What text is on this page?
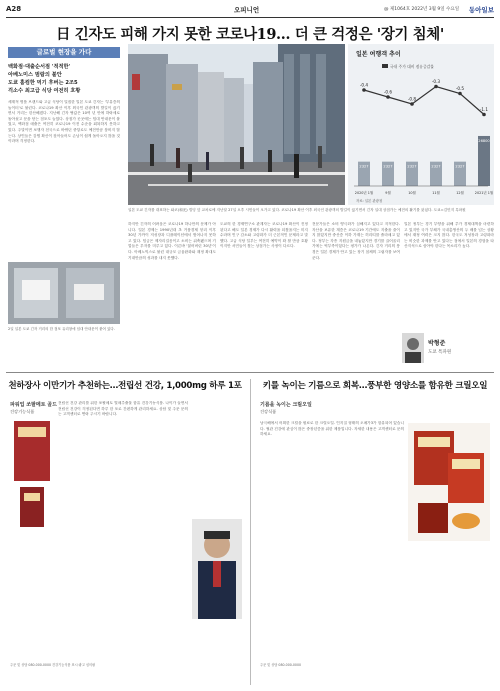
A28	오피니언	@ 제1064호 2022년 3월 9일 수요일 동아일보
日 긴자도 피해 가지 못한 코로나19… 더 큰 걱정은 '장기 침체'
글로벌 현장을 가다
백화점·대출순서점 '적적한'
아베노미스 범람의 불안
도쿄 홈컴한 먹기 후버는 2조5
걱소수 최고급 식당 여전히 호황
세계적 명품 브랜드와 고급 식당이 밀집한 일본 도쿄 긴자는 '부유층의 놀이터'로 불린다. 코로나19 확산 이후 외국인 관광객의 발길이 끊기면서 거리는 한산해졌다. 지난해 긴자 땅값은 10여 년 만에 하락세로 돌아섰고 문을 닫는 점포도 늘었다. 상점가 곳곳에는 임대 안내문이 붙었고, 백화점 매출은 여전히 코로나19 이전 수준을 회복하지 못하고 있다. 주말이면 보행자 천국으로 바뀌던 중앙로도 예전만큼 붐비지 않는다. 상인들은 감염 확산이 잦아들어도 손님이 쉽게 돌아오지 않을 것이라며 걱정한다.
일본 여행객 추이
국내 주가 대비 점유증감률
-0.4
-0.6
-0.8
-0.3
-0.5
-1.1
2327
2020년 1월
2327
9월
2327
10월
2327
11월
2327
12월
26800
2021년 1월
자료: 일본 관광청
일본 도쿄 긴자를 대표하는 와코(和光) 빌딩 앞 교차로에 지난달 27일 오후 시민들이 오가고 있다. 코로나19 확산 이후 외국인 관광객의 발길이 끊기면서 긴자 일대 상점가는 예전의 활기를 잃었다. 도쿄=김민지 특파원
하지만 긴자의 어려움은 코로나19 하나만의 문제가 아니다. 일본 경제는 1990년대 초 거품경제 붕괴 이후 30년 가까이 저성장과 디플레이션에서 벗어나지 못하고 있다. 임금은 제자리걸음이고 소비는 위축됐으며 기업들은 투자를 미루고 있다. 이른바 '잃어버린 30년'이다. 아베노믹스로 불린 대규모 금융완화와 재정 확대도 기대만큼의 성과를 내지 못했다.
도쿄의 한 경제연구소 관계자는 코로나19 확산이 진정된다고 해도 일본 경제가 다시 활력을 되찾을지는 미지수라며 인구 감소와 고령화가 더 근본적인 문제라고 말했다. 고급 식당 일부는 여전히 예약이 꽉 찰 만큼 호황이지만 서민들이 찾는 상점가는 사정이 다르다.
전문가들은 소비 양극화가 심해지고 있다고 지적한다. 자산을 보유한 계층은 코로나19 기간에도 지출을 줄이지 않았지만 중산층 이하 가계는 허리띠를 졸라매고 있다. 정부는 각종 지원금을 내놓았지만 경기를 끌어올리기에는 역부족이었다는 평가가 나온다. 긴자 거리의 풍경은 일본 경제가 안고 있는 장기 침체의 그림자를 보여준다.
일본 정부는 경기 부양을 위해 추가 경제대책을 마련하고 있지만 국가 부채가 국내총생산의 두 배를 넘는 상황에서 재정 여력은 크지 않다. 한국도 저성장과 고령화라는 비슷한 과제를 안고 있다는 점에서 일본의 경험을 타산지석으로 삼아야 한다는 목소리가 높다.
2일 일본 도쿄 긴자 거리의 한 점포 유리창에 임대 안내문이 붙어 있다.
박형준
도쿄 특파원
천하장사 이만기가 추천하는…전립선 건강, 1,000mg 하루 1포
파워업 쏘팔메토 골드
건강기능식품
전립선 건강 관리를 위한 쏘팔메토 열매추출물 함유 건강기능식품. 나이가 들면서 전립선 건강이 걱정된다면 하루 한 포로 간편하게 관리하세요. 상담 및 주문 문의는 고객센터로 연락 주시기 바랍니다.
주문 및 상담 080-000-0000 건강기능식품 표시·광고 심의필
키를 녹이는 기름으로 회복…풍부한 영양소를 함유한 크릴오일
기름을 녹이는 크릴오일
건강식품
남극해에서 어획한 크릴을 원료로 한 크릴오일. 인지질 형태의 오메가3가 함유되어 있습니다. 혈관 건강에 관심이 많은 중장년층을 위한 제품입니다. 자세한 내용은 고객센터로 문의하세요.
주문 및 상담 080-000-0000
